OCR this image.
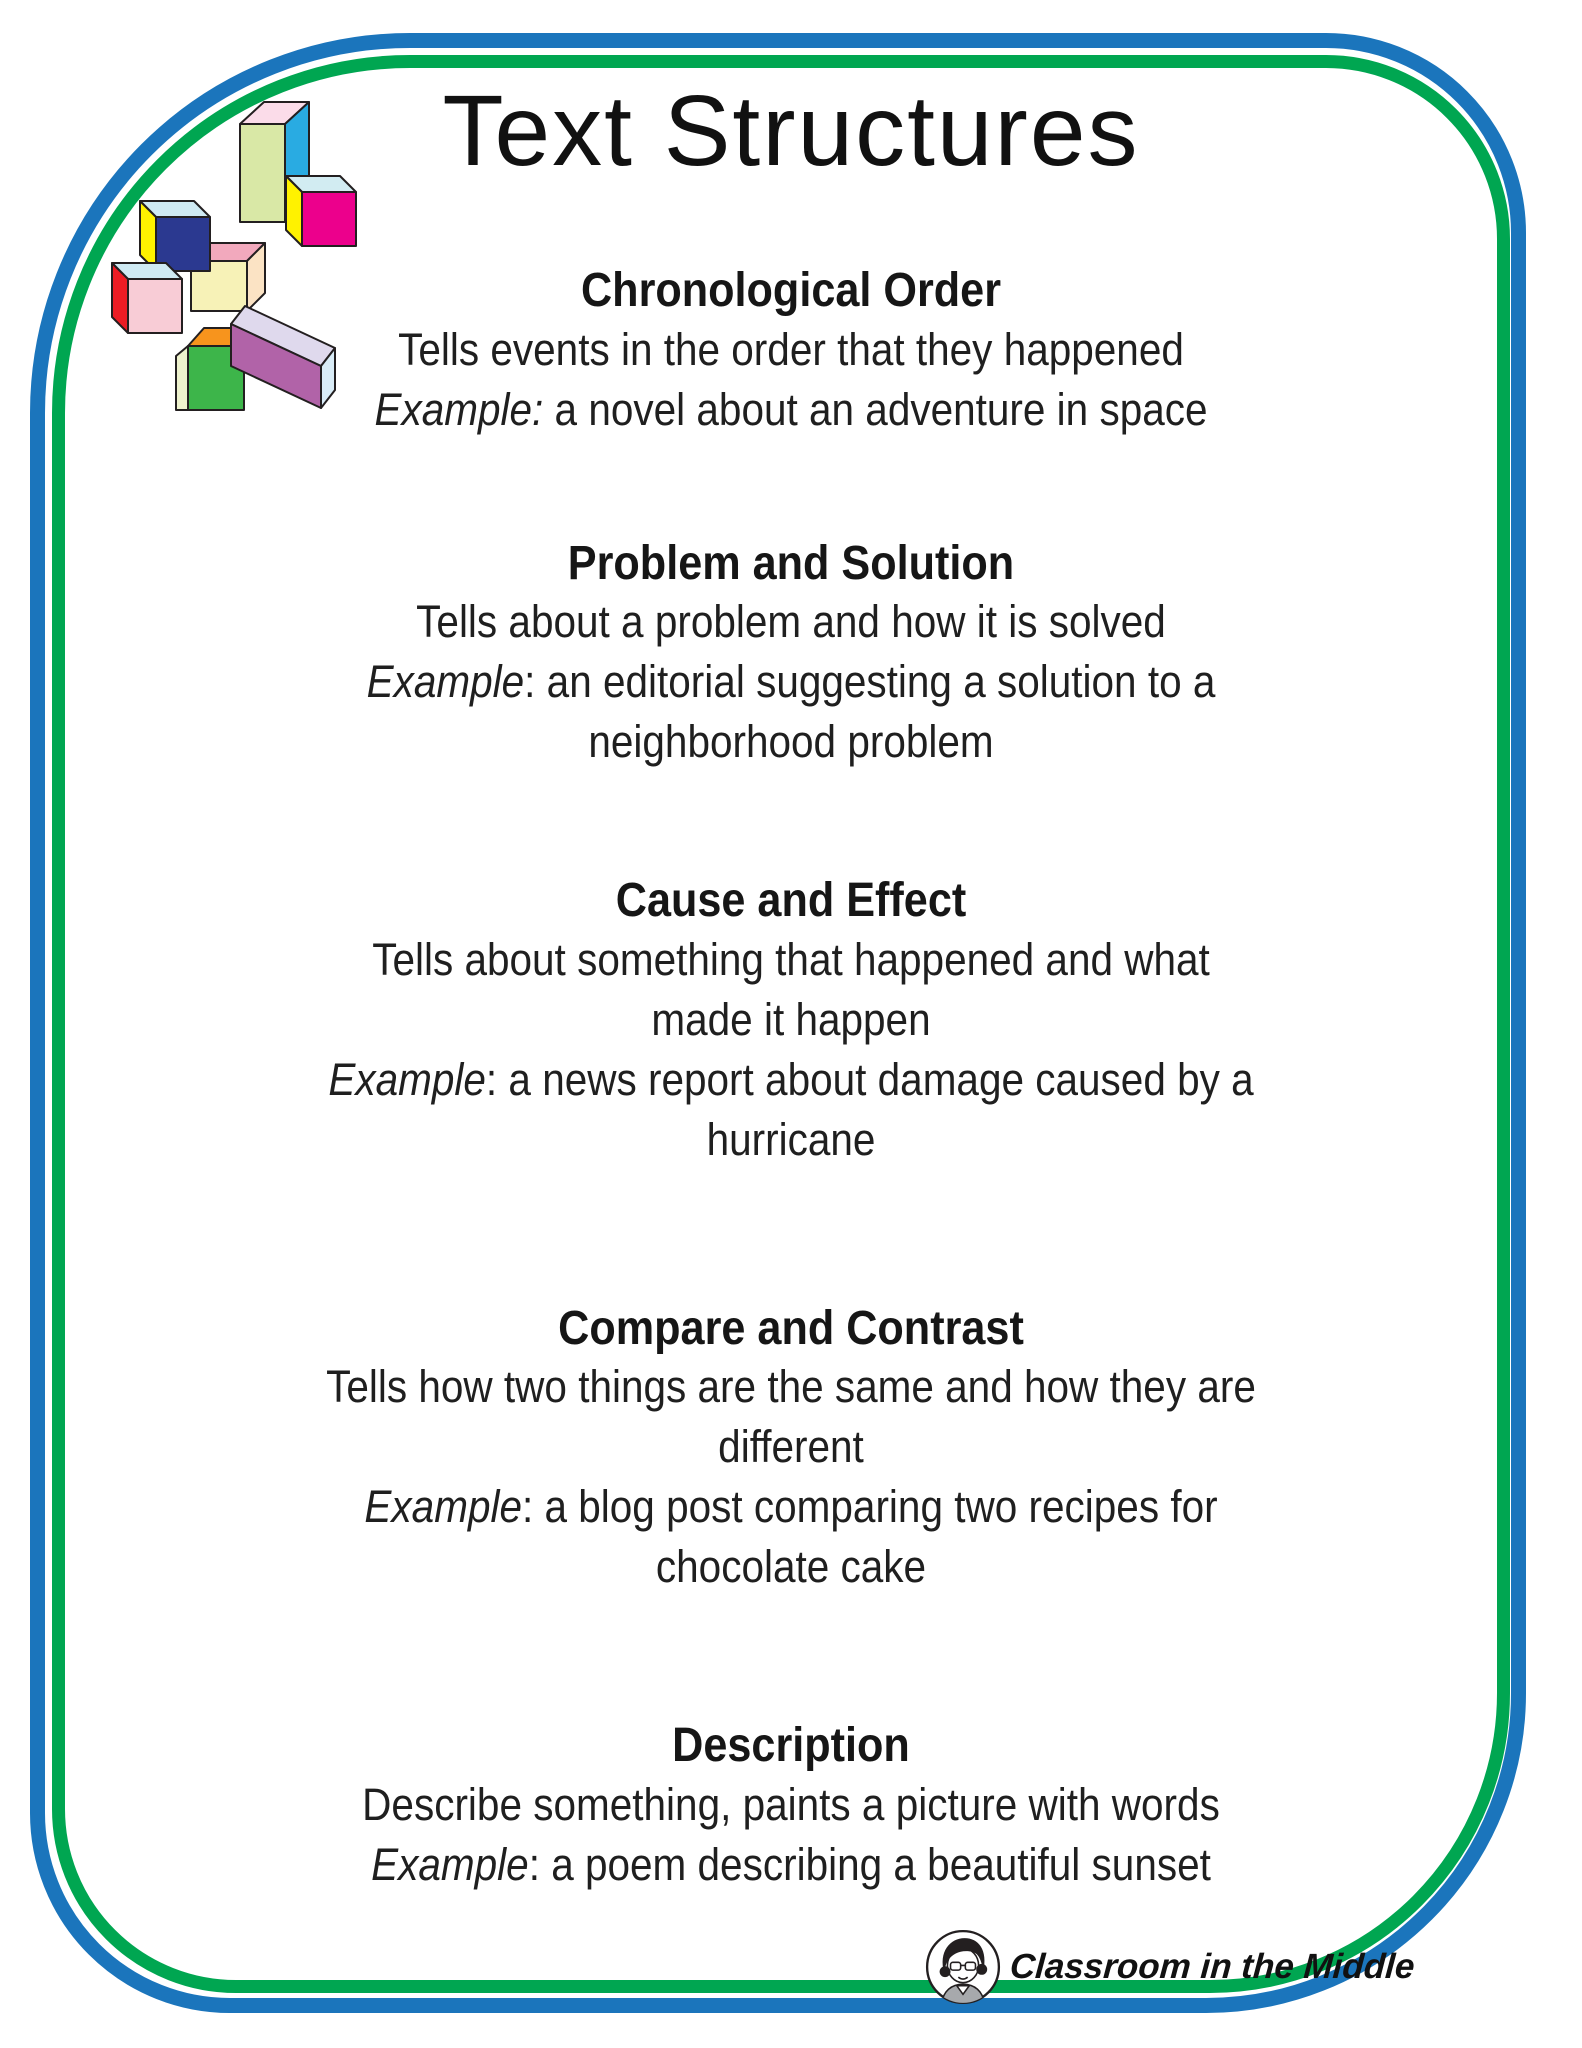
Text Structures
Chronological Order
Tells events in the order that they happened
Example: a novel about an adventure in space
Problem and Solution
Tells about a problem and how it is solved
Example: an editorial suggesting a solution to a
neighborhood problem
Cause and Effect
Tells about something that happened and what
made it happen
Example: a news report about damage caused by a
hurricane
Compare and Contrast
Tells how two things are the same and how they are
different
Example: a blog post comparing two recipes for
chocolate cake
Description
Describe something, paints a picture with words
Example: a poem describing a beautiful sunset
Classroom in the Middle
